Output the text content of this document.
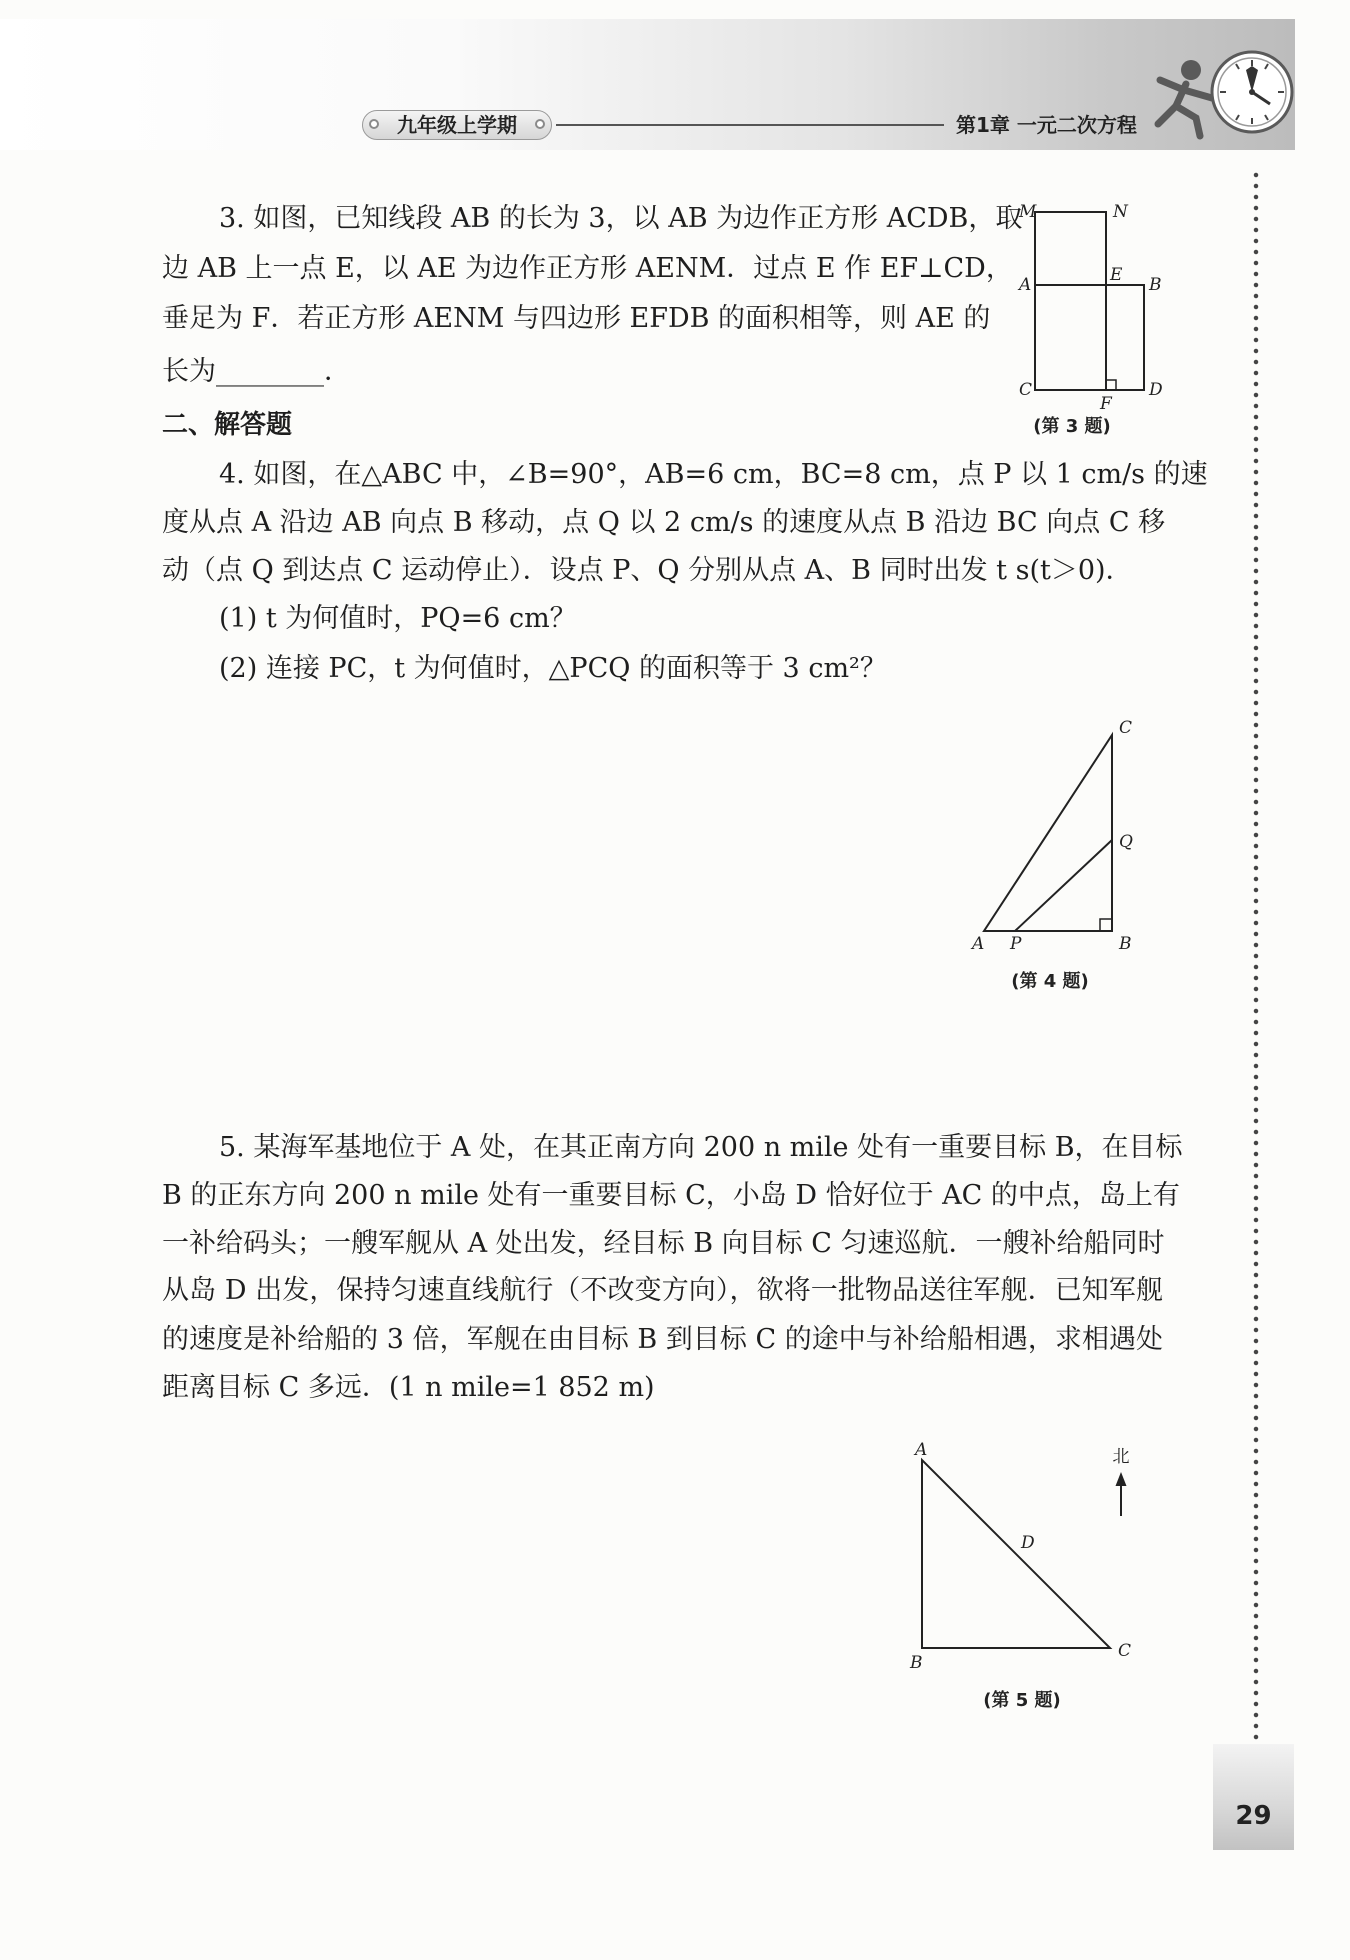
九年级上学期	第1章 一元二次方程
3. 如图，已知线段 AB 的长为 3，以 AB 为边作正方形 ACDB，取
边 AB 上一点 E，以 AE 为边作正方形 AENM．过点 E 作 EF⊥CD，
垂足为 F．若正方形 AENM 与四边形 EFDB 的面积相等，则 AE 的
长为________．
二、解答题
4. 如图，在△ABC 中，∠B=90°，AB=6 cm，BC=8 cm，点 P 以 1 cm/s 的速
度从点 A 沿边 AB 向点 B 移动，点 Q 以 2 cm/s 的速度从点 B 沿边 BC 向点 C 移
动（点 Q 到达点 C 运动停止）．设点 P、Q 分别从点 A、B 同时出发 t s(t＞0)．
(1) t 为何值时，PQ=6 cm？
(2) 连接 PC，t 为何值时，△PCQ 的面积等于 3 cm²？
5. 某海军基地位于 A 处，在其正南方向 200 n mile 处有一重要目标 B，在目标
B 的正东方向 200 n mile 处有一重要目标 C，小岛 D 恰好位于 AC 的中点，岛上有
一补给码头；一艘军舰从 A 处出发，经目标 B 向目标 C 匀速巡航．一艘补给船同时
从岛 D 出发，保持匀速直线航行（不改变方向），欲将一批物品送往军舰．已知军舰
的速度是补给船的 3 倍，军舰在由目标 B 到目标 C 的途中与补给船相遇，求相遇处
距离目标 C 多远．(1 n mile=1 852 m)
29
M	N
A	E B
C	D
F
(第 3 题)
C
Q
A P	B
(第 4 题)
北
A
B
C
D
(第 5 题)
